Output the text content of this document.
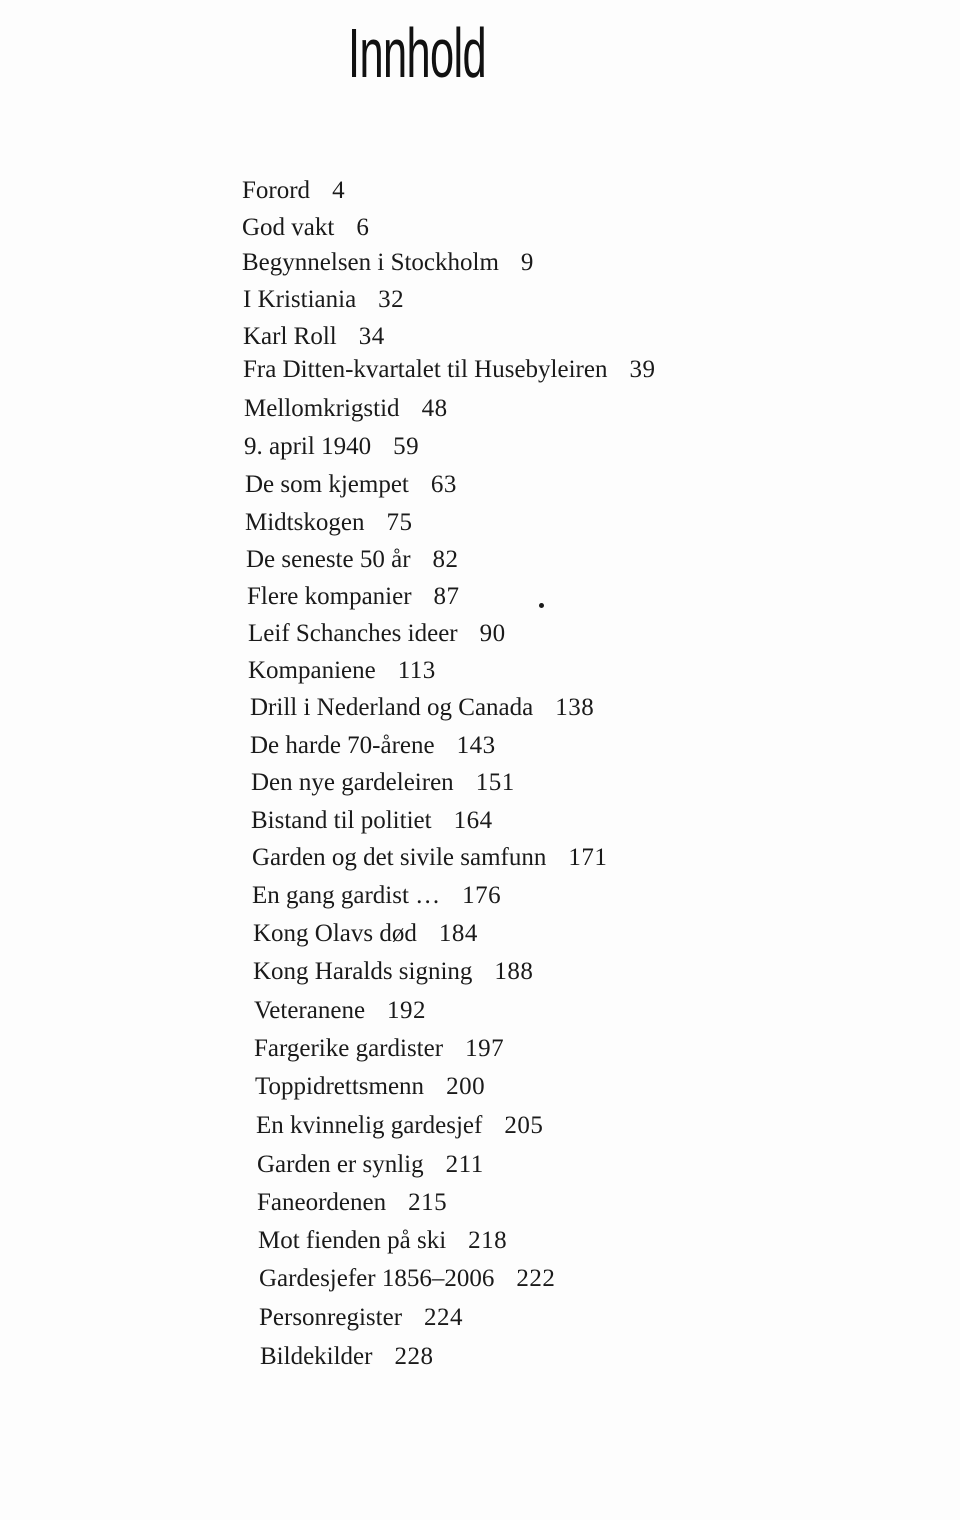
Innhold
Forord 4
God vakt 6
Begynnelsen i Stockholm 9
I Kristiania 32
Karl Roll 34
Fra Ditten-kvartalet til Husebyleiren 39
Mellomkrigstid 48
9. april 1940 59
De som kjempet 63
Midtskogen 75
De seneste 50 år 82
Flere kompanier 87
Leif Schanches ideer 90
Kompaniene 113
Drill i Nederland og Canada 138
De harde 70-årene 143
Den nye gardeleiren 151
Bistand til politiet 164
Garden og det sivile samfunn 171
En gang gardist … 176
Kong Olavs død 184
Kong Haralds signing 188
Veteranene 192
Fargerike gardister 197
Toppidrettsmenn 200
En kvinnelig gardesjef 205
Garden er synlig 211
Faneordenen 215
Mot fienden på ski 218
Gardesjefer 1856–2006 222
Personregister 224
Bildekilder 228
